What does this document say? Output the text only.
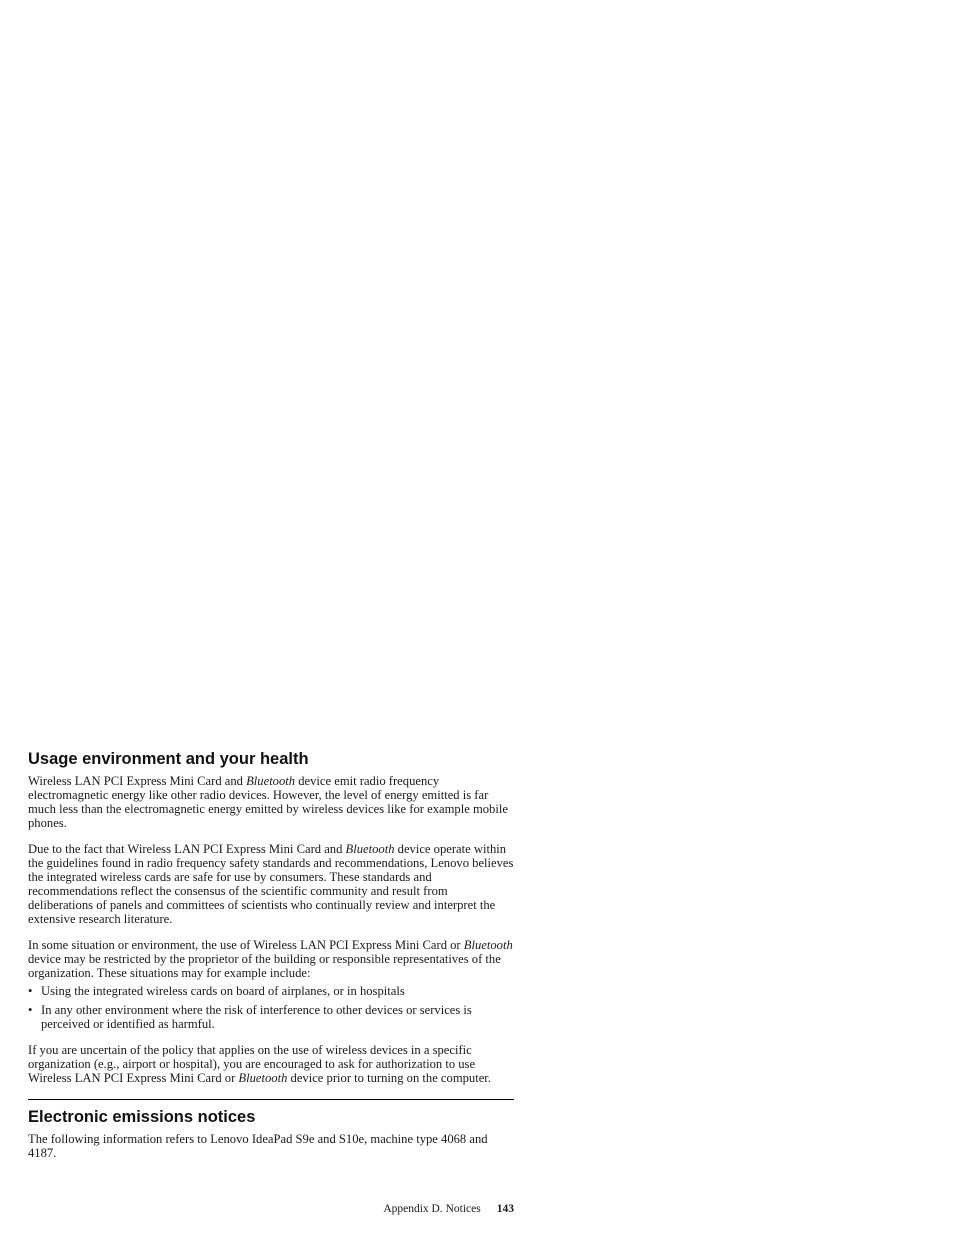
Usage environment and your health

Wireless LAN PCI Express Mini Card and Bluetooth device emit radio frequency electromagnetic energy like other radio devices. However, the level of energy emitted is far much less than the electromagnetic energy emitted by wireless devices like for example mobile phones.

Due to the fact that Wireless LAN PCI Express Mini Card and Bluetooth device operate within the guidelines found in radio frequency safety standards and recommendations, Lenovo believes the integrated wireless cards are safe for use by consumers. These standards and recommendations reflect the consensus of the scientific community and result from deliberations of panels and committees of scientists who continually review and interpret the extensive research literature.

In some situation or environment, the use of Wireless LAN PCI Express Mini Card or Bluetooth device may be restricted by the proprietor of the building or responsible representatives of the organization. These situations may for example include:

• Using the integrated wireless cards on board of airplanes, or in hospitals
• In any other environment where the risk of interference to other devices or services is perceived or identified as harmful.

If you are uncertain of the policy that applies on the use of wireless devices in a specific organization (e.g., airport or hospital), you are encouraged to ask for authorization to use Wireless LAN PCI Express Mini Card or Bluetooth device prior to turning on the computer.

Electronic emissions notices

The following information refers to Lenovo IdeaPad S9e and S10e, machine type 4068 and 4187.

Appendix D. Notices 143
